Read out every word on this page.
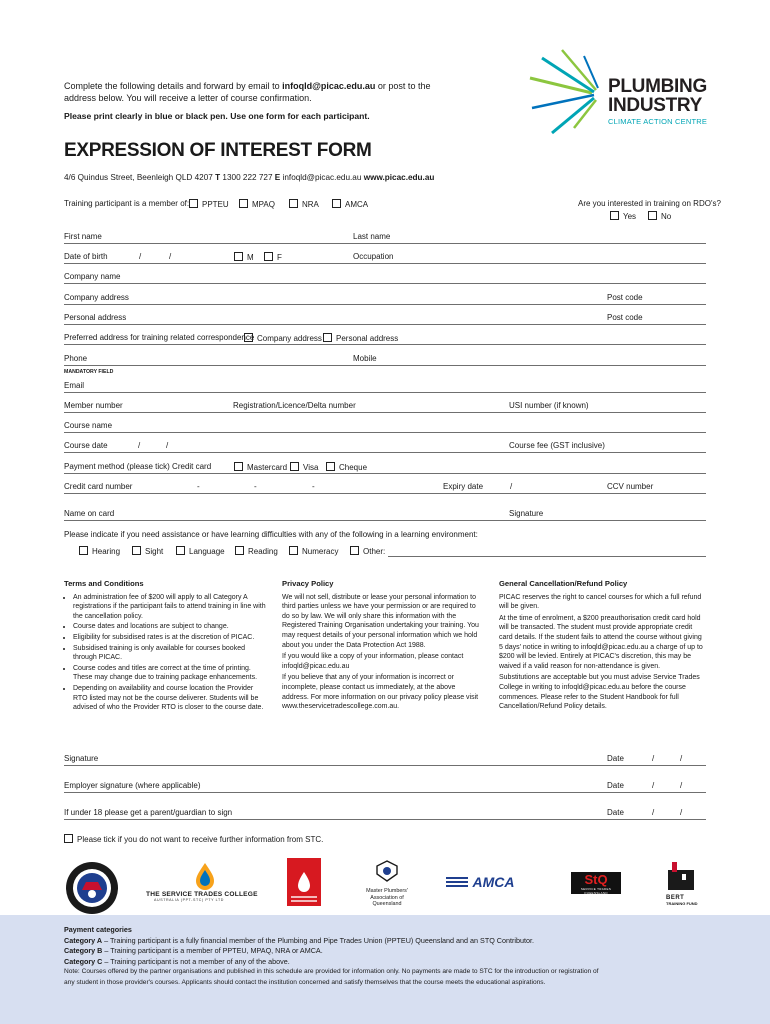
Complete the following details and forward by email to infoqld@picac.edu.au or post to the
address below. You will receive a letter of course confirmation.
Please print clearly in blue or black pen. Use one form for each participant.
PLUMBING
INDUSTRY
CLIMATE ACTION CENTRE
EXPRESSION OF INTEREST FORM
4/6 Quindus Street, Beenleigh QLD 4207 T 1300 222 727 E infoqld@picac.edu.au www.picac.edu.au
Training participant is a member of:	PPTEU	MPAQ	NRA	AMCA	Are you interested in training on RDO's?
Yes	No
First name	Last name
Date of birth	/	/	M	F	Occupation
Company name
Company address	Post code
Personal address	Post code
Preferred address for training related correspondence Company address	Personal address
Phone	Mobile
MANDATORY FIELD
Email
Member number	Registration/Licence/Delta number	USI number (if known)
Course name
Course date	/	/	Course fee (GST inclusive)
Payment method (please tick) Credit card	Mastercard	Visa	Cheque
Credit card number	-	-	-	Expiry date	/	CCV number
Name on card	Signature
Please indicate if you need assistance or have learning difficulties with any of the following in a learning environment:
Hearing	Sight	Language	Reading	Numeracy	Other:
Terms and Conditions
• An administration fee of $200 will apply to all Category A registrations if the participant fails to attend training in line with the cancellation policy.
• Course dates and locations are subject to change.
• Eligibility for subsidised rates is at the discretion of PICAC.
• Subsidised training is only available for courses booked through PICAC.
• Course codes and titles are correct at the time of printing. These may change due to training package enhancements.
• Depending on availability and course location the Provider RTO listed may not be the course deliverer. Students will be advised of who the Provider RTO is closer to the course date.
Privacy Policy

We will not sell, distribute or lease your personal information to third parties unless we have your permission or are required to do so by law. We will only share this information with the Registered Training Organisation undertaking your training. You may request details of your personal information which we hold about you under the Data Protection Act 1988.

If you would like a copy of your information, please contact infoqld@picac.edu.au

If you believe that any of your information is incorrect or incomplete, please contact us immediately, at the above address. For more information on our privacy policy please visit www.theservicetradescollege.com.au.

General Cancellation/Refund Policy

PICAC reserves the right to cancel courses for which a full refund will be given.

At the time of enrolment, a $200 preauthorisation credit card hold will be transacted. The student must provide appropriate credit card details. If the student fails to attend the course without giving 5 days' notice in writing to infoqld@picac.edu.au a charge of up to $200 will be levied. Entirely at PICAC's discretion, this may be waived if a valid reason for non-attendance is given.

Substitutions are acceptable but you must advise Service Trades College in writing to infoqld@picac.edu.au before the course commences. Please refer to the Student Handbook for full Cancellation/Refund Policy details.

Signature	Date	/	/
Employer signature (where applicable)	Date	/	/
If under 18 please get a parent/guardian to sign	Date	/	/
Please tick if you do not want to receive further information from STC.
THE SERVICE TRADES COLLEGE
AUSTRALIA (PPT-STC) PTY LTD
Master Plumbers' Association of Queensland
AMCA	StQ
SERVICE TRADES QUEENSLAND
BERT
TRAINING FUND
Payment categories
Category A – Training participant is a fully financial member of the Plumbing and Pipe Trades Union (PPTEU) Queensland and an STQ Contributor.
Category B – Training participant is a member of PPTEU, MPAQ, NRA or AMCA.
Category C – Training participant is not a member of any of the above.
Note: Courses offered by the partner organisations and published in this schedule are provided for information only. No payments are made to STC for the introduction or registration of
any student in those provider's courses. Applicants should contact the institution concerned and satisfy themselves that the course meets the educational aspirations.
